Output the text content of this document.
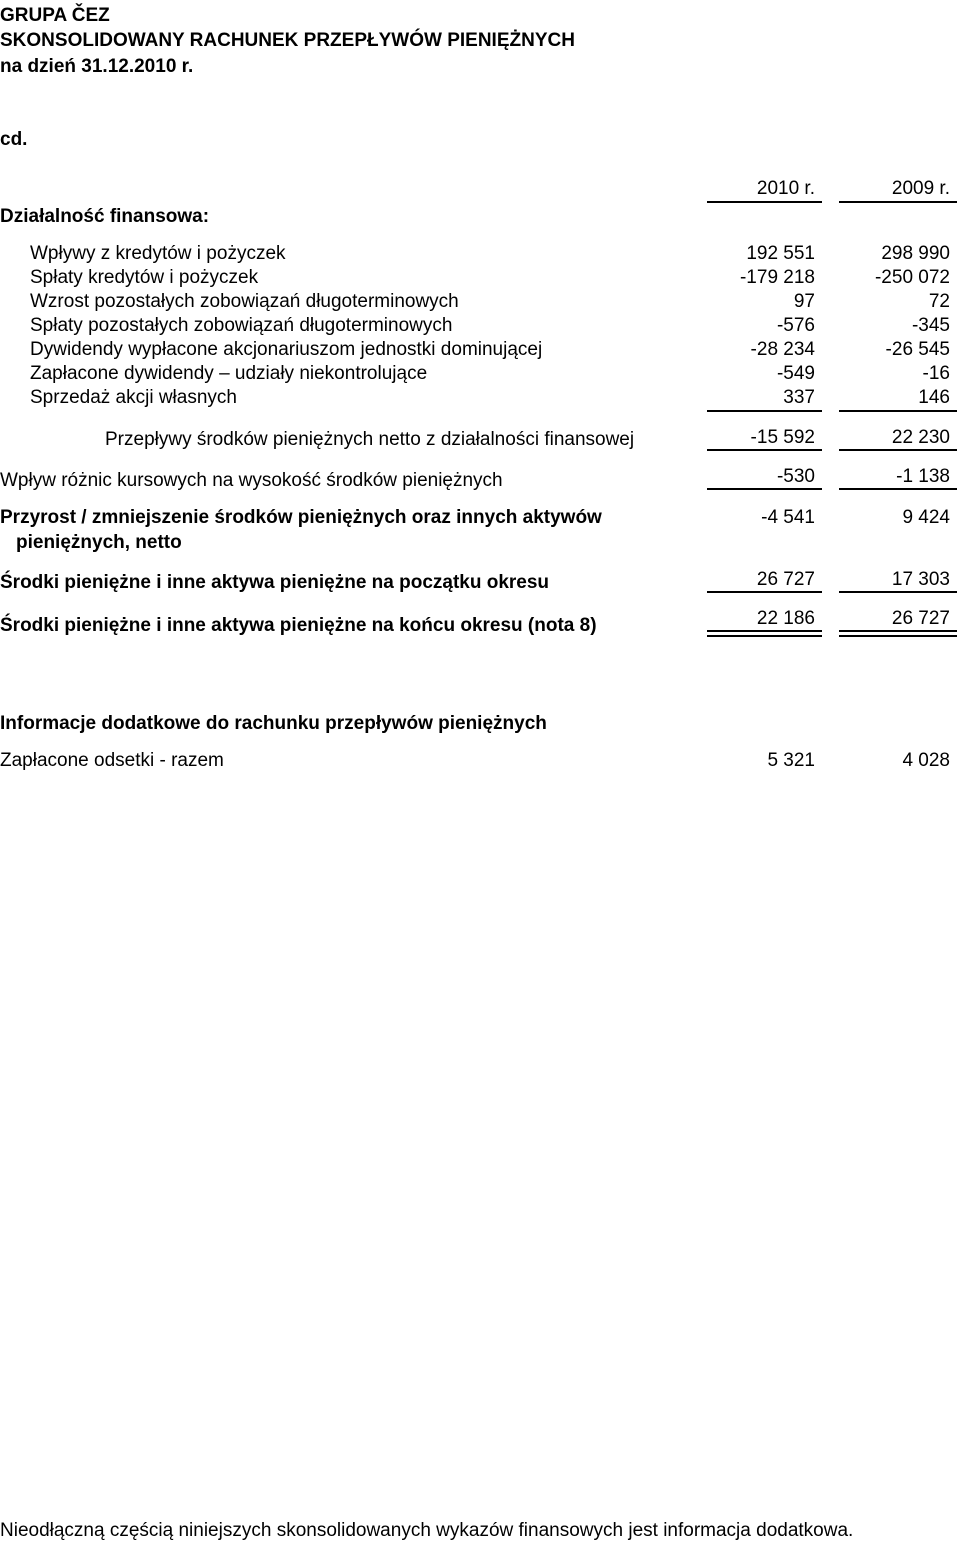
GRUPA ČEZ
SKONSOLIDOWANY RACHUNEK PRZEPŁYWÓW PIENIĘŻNYCH
na dzień 31.12.2010 r.
cd.
2010 r.	2009 r.
Działalność finansowa:
Wpływy z kredytów i pożyczek	192 551	298 990
Spłaty kredytów i pożyczek	-179 218	-250 072
Wzrost pozostałych zobowiązań długoterminowych	97	72
Spłaty pozostałych zobowiązań długoterminowych	-576	-345
Dywidendy wypłacone akcjonariuszom jednostki dominującej	-28 234	-26 545
Zapłacone dywidendy – udziały niekontrolujące	-549	-16
Sprzedaż akcji własnych	337	146
Przepływy środków pieniężnych netto z działalności finansowej	-15 592	22 230
Wpływ różnic kursowych na wysokość środków pieniężnych	-530	-1 138
Przyrost / zmniejszenie środków pieniężnych oraz innych aktywów
pieniężnych, netto
-4 541	9 424
Środki pieniężne i inne aktywa pieniężne na początku okresu	26 727	17 303
Środki pieniężne i inne aktywa pieniężne na końcu okresu (nota 8)	22 186	26 727
Informacje dodatkowe do rachunku przepływów pieniężnych
Zapłacone odsetki - razem	5 321	4 028
Nieodłączną częścią niniejszych skonsolidowanych wykazów finansowych jest informacja dodatkowa.
